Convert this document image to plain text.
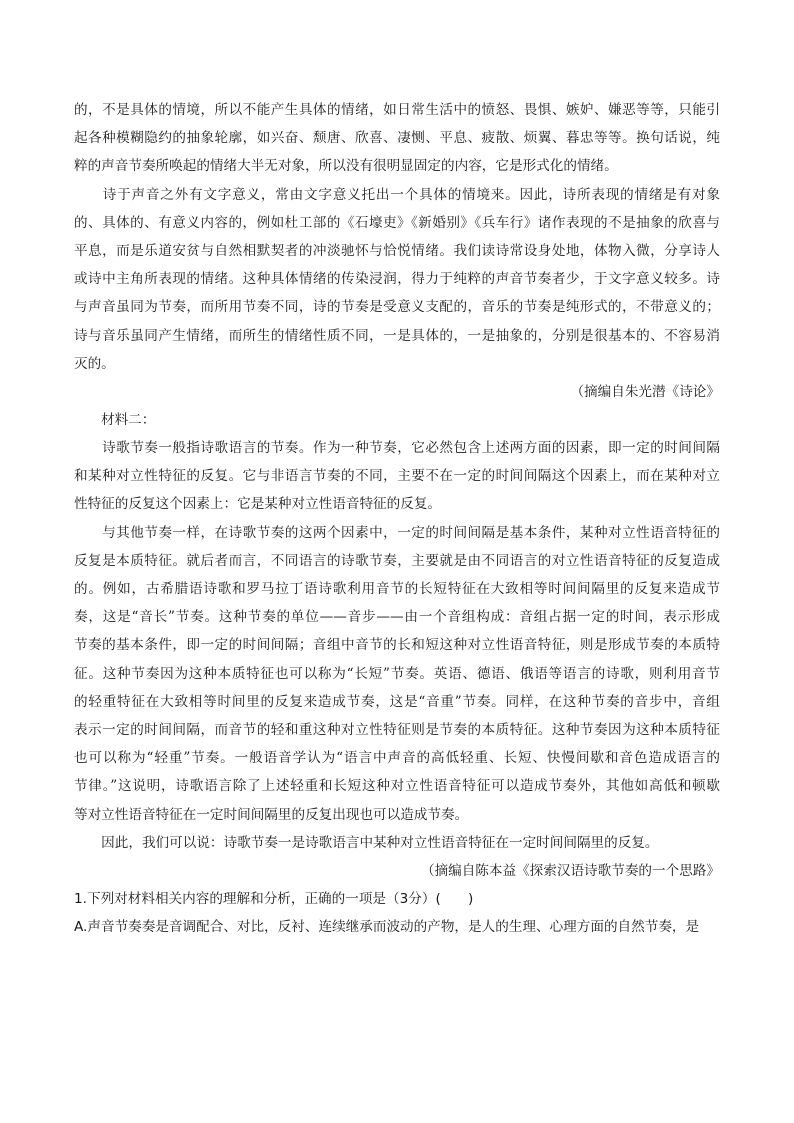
的，不是具体的情境，所以不能产生具体的情绪，如日常生活中的愤怒、畏惧、嫉妒、嫌恶等等，只能引
起各种模糊隐约的抽象轮廓，如兴奋、颓唐、欣喜、凄恻、平息、疲散、烦翼、暮忠等等。换句话说，纯
粹的声音节奏所唤起的情绪大半无对象，所以没有很明显固定的内容，它是形式化的情绪。

　　诗于声音之外有文字意义，常由文字意义托出一个具体的情境来。因此，诗所表现的情绪是有对象
的、具体的、有意义内容的，例如杜工部的《石壕吏》《新婚别》《兵车行》诸作表现的不是抽象的欣喜与
平息，而是乐道安贫与自然相默契者的冲淡驰怀与恰悦情绪。我们读诗常设身处地，体物入微，分享诗人
或诗中主角所表现的情绪。这种具体情绪的传染浸润，得力于纯粹的声音节奏者少，于文字意义较多。诗
与声音虽同为节奏，而所用节奏不同，诗的节奏是受意义支配的，音乐的节奏是纯形式的，不带意义的；
诗与音乐虽同产生情绪，而所生的情绪性质不同，一是具体的，一是抽象的，分别是很基本的、不容易消
灭的。

（摘编自朱光潜《诗论》

材料二：

　　诗歌节奏一般指诗歌语言的节奏。作为一种节奏，它必然包含上述两方面的因素，即一定的时间间隔
和某种对立性特征的反复。它与非语言节奏的不同，主要不在一定的时间间隔这个因素上，而在某种对立
性特征的反复这个因素上：它是某种对立性语音特征的反复。

　　与其他节奏一样，在诗歌节奏的这两个因素中，一定的时间间隔是基本条件，某种对立性语音特征的
反复是本质特征。就后者而言，不同语言的诗歌节奏，主要就是由不同语言的对立性语音特征的反复造成
的。例如，古希腊语诗歌和罗马拉丁语诗歌利用音节的长短特征在大致相等时间间隔里的反复来造成节
奏，这是“音长”节奏。这种节奏的单位——音步——由一个音组构成：音组占据一定的时间，表示形成
节奏的基本条件，即一定的时间间隔；音组中音节的长和短这种对立性语音特征，则是形成节奏的本质特
征。这种节奏因为这种本质特征也可以称为“长短”节奏。英语、德语、俄语等语言的诗歌，则利用音节
的轻重特征在大致相等时间里的反复来造成节奏，这是“音重”节奏。同样，在这种节奏的音步中，音组
表示一定的时间间隔，而音节的轻和重这种对立性特征则是节奏的本质特征。这种节奏因为这种本质特征
也可以称为“轻重”节奏。一般语音学认为“语言中声音的高低轻重、长短、快慢间歇和音色造成语言的
节律。”这说明，诗歌语言除了上述轻重和长短这种对立性语音特征可以造成节奏外，其他如高低和顿歇
等对立性语音特征在一定时间间隔里的反复出现也可以造成节奏。

　　因此，我们可以说：诗歌节奏一是诗歌语言中某种对立性语音特征在一定时间间隔里的反复。

（摘编自陈本益《探索汉语诗歌节奏的一个思路》

1.下列对材料相关内容的理解和分析，正确的一项是（3分）(　　)

A.声音节奏奏是音调配合、对比，反衬、连续继承而波动的产物，是人的生理、心理方面的自然节奏，是
